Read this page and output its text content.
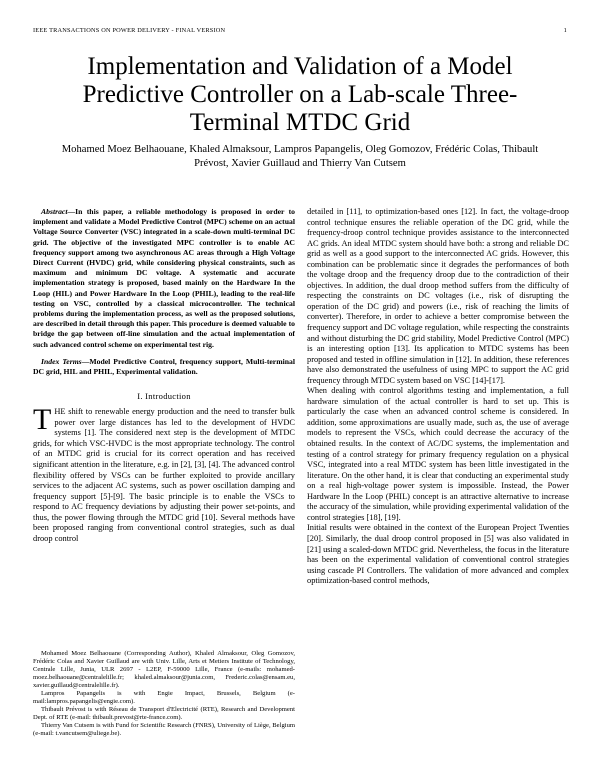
IEEE TRANSACTIONS ON POWER DELIVERY - FINAL VERSION	1
Implementation and Validation of a Model Predictive Controller on a Lab-scale Three-Terminal MTDC Grid
Mohamed Moez Belhaouane, Khaled Almaksour, Lampros Papangelis, Oleg Gomozov, Frédéric Colas, Thibault Prévost, Xavier Guillaud and Thierry Van Cutsem

Abstract—In this paper, a reliable methodology is proposed in order to implement and validate a Model Predictive Control (MPC) scheme on an actual Voltage Source Converter (VSC) integrated in a scale-down multi-terminal DC grid. The objective of the investigated MPC controller is to enable AC frequency support among two asynchronous AC areas through a High Voltage Direct Current (HVDC) grid, while considering physical constraints, such as maximum and minimum DC voltage. A systematic and accurate implementation strategy is proposed, based mainly on the Hardware In the Loop (HIL) and Power Hardware In the Loop (PHIL), leading to the real-life testing on VSC, controlled by a classical microcontroller. The technical problems during the implementation process, as well as the proposed solutions, are described in detail through this paper. This procedure is deemed valuable to bridge the gap between off-line simulation and the actual implementation of such advanced control scheme on experimental test rig.

Index Terms—Model Predictive Control, frequency support, Multi-terminal DC grid, HIL and PHIL, Experimental validation.

I. Introduction

THE shift to renewable energy production and the need to transfer bulk power over large distances has led to the development of HVDC systems [1]. The considered next step is the development of MTDC grids, for which VSC-HVDC is the most appropriate technology. The control of an MTDC grid is crucial for its correct operation and has received significant attention in the literature, e.g. in [2], [3], [4]. The advanced control flexibility offered by VSCs can be further exploited to provide ancillary services to the adjacent AC systems, such as power oscillation damping and frequency support [5]-[9]. The basic principle is to enable the VSCs to respond to AC frequency deviations by adjusting their power set-points, and thus, the power flowing through the MTDC grid [10]. Several methods have been proposed ranging from conventional control strategies, such as dual droop control

Mohamed Moez Belhaouane (Corresponding Author), Khaled Almaksour, Oleg Gomozov, Frédéric Colas and Xavier Guillaud are with Univ. Lille, Arts et Metiers Institute of Technology, Centrale Lille, Junia, ULR 2697 - L2EP, F-59000 Lille, France (e-mails: mohamed-moez.belhaouane@centralelille.fr; khaled.almaksour@junia.com, Frederic.colas@ensam.eu, xavier.guillaud@centralelille.fr).

Lampros Papangelis is with Engie Impact, Brussels, Belgium (e-mail:lampros.papangelis@engie.com).

Thibault Prévost is with Réseau de Transport d'Electricité (RTE), Research and Development Dept. of RTE (e-mail: thibault.prevost@rte-france.com).

Thierry Van Cutsem is with Fund for Scientific Research (FNRS), University of Liège, Belgium (e-mail: t.vancutsem@uliege.be).

detailed in [11], to optimization-based ones [12]. In fact, the voltage-droop control technique ensures the reliable operation of the DC grid, while the frequency-droop control technique provides assistance to the interconnected AC grids. An ideal MTDC system should have both: a strong and reliable DC grid as well as a good support to the interconnected AC grids. However, this combination can be problematic since it degrades the performances of both the voltage droop and the frequency droop due to the contradiction of their objectives. In addition, the dual droop method suffers from the difficulty of respecting the constraints on DC voltages (i.e., risk of disrupting the operation of the DC grid) and powers (i.e., risk of reaching the limits of converter). Therefore, in order to achieve a better compromise between the frequency support and DC voltage regulation, while respecting the constraints and without disturbing the DC grid stability, Model Predictive Control (MPC) is an interesting option [13]. Its application to MTDC systems has been proposed and tested in offline simulation in [12]. In addition, these references have also demonstrated the usefulness of using MPC to support the AC grid frequency through MTDC system based on VSC [14]-[17].

When dealing with control algorithms testing and implementation, a full hardware simulation of the actual controller is hard to set up. This is particularly the case when an advanced control scheme is considered. In addition, some approximations are usually made, such as, the use of average models to represent the VSCs, which could decrease the accuracy of the obtained results. In the context of AC/DC systems, the implementation and testing of a control strategy for primary frequency regulation on a physical VSC, integrated into a real MTDC system has been little investigated in the literature. On the other hand, it is clear that conducting an experimental study on a real high-voltage power system is impossible. Instead, the Power Hardware In the Loop (PHIL) concept is an attractive alternative to increase the accuracy of the simulation, while providing experimental validation of the control strategies [18], [19].

Initial results were obtained in the context of the European Project Twenties [20]. Similarly, the dual droop control proposed in [5] was also validated in [21] using a scaled-down MTDC grid. Nevertheless, the focus in the literature has been on the experimental validation of conventional control strategies using cascade PI Controllers. The validation of more advanced and complex optimization-based control methods,
